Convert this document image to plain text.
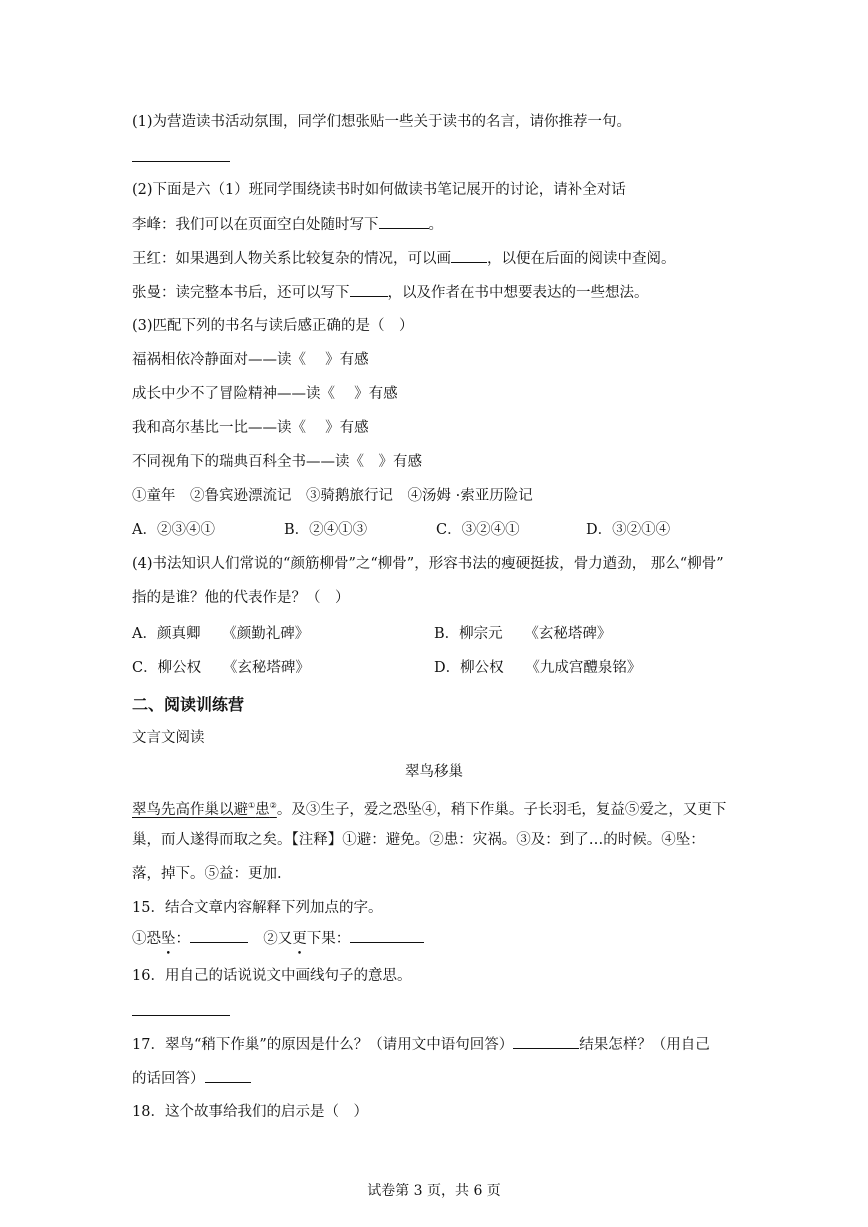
(1)为营造读书活动氛围，同学们想张贴一些关于读书的名言，请你推荐一句。
(2)下面是六（1）班同学围绕读书时如何做读书笔记展开的讨论，请补全对话
李峰：我们可以在页面空白处随时写下	。
王红：如果遇到人物关系比较复杂的情况，可以画 ，以便在后面的阅读中查阅。
张曼：读完整本书后，还可以写下	，以及作者在书中想要表达的一些想法。
(3)匹配下列的书名与读后感正确的是（　）
福祸相依冷静面对——读《　 》有感
成长中少不了冒险精神——读《　 》有感
我和高尔基比一比——读《　 》有感
不同视角下的瑞典百科全书——读《　》有感
①童年　②鲁宾逊漂流记　③骑鹅旅行记　④汤姆 ·索亚历险记
A．②③④①	B．②④①③	C．③②④①	D．③②①④
(4)书法知识人们常说的“颜筋柳骨”之“柳骨”，形容书法的瘦硬挺拔，骨力遒劲， 那么“柳骨”
指的是谁？他的代表作是？（　）
A．颜真卿　　《颜勤礼碑》	B．柳宗元　　《玄秘塔碑》
C．柳公权　　《玄秘塔碑》	D．柳公权　　《九成宫醴泉铭》
二、阅读训练营
文言文阅读
翠鸟移巢
翠鸟先高作巢以避①患②。及③生子，爱之恐坠④，稍下作巢。子长羽毛，复益⑤爱之，又更下
巢，而人遂得而取之矣。【注释】①避：避免。②患：灾祸。③及：到了…的时候。④坠：
落，掉下。⑤益：更加.
15．结合文章内容解释下列加点的字。
①恐坠：	②又更下果：
16．用自己的话说说文中画线句子的意思。
17．翠鸟“稍下作巢”的原因是什么？（请用文中语句回答）	结果怎样？（用自己
的话回答）
18．这个故事给我们的启示是（　）
试卷第 3 页，共 6 页
